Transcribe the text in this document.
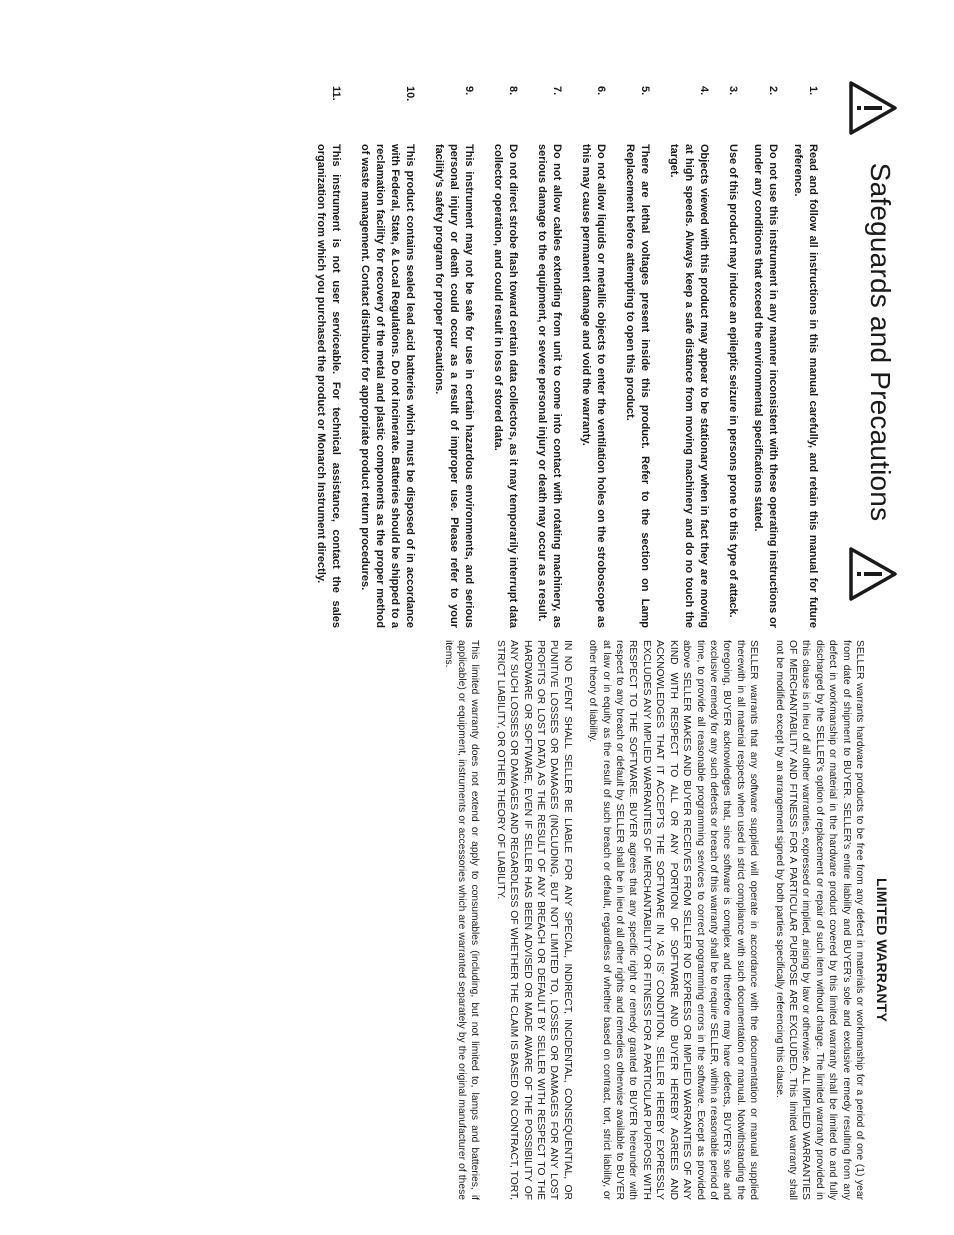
Safeguards and Precautions
1.
Read and follow all instructions in this manual carefully, and retain this manual for future reference.
2.
Do not use this instrument in any manner inconsistent with these operating instructions or under any conditions that exceed the environmental specifications stated.
3.
Use of this product may induce an epileptic seizure in persons prone to this type of attack.
4.
Objects viewed with this product may appear to be stationary when in fact they are moving at high speeds. Always keep a safe distance from moving machinery and do no touch the target.
5.
There are lethal voltages present inside this product. Refer to the section on Lamp Replacement before attempting to open this product.
6.
Do not allow liquids or metallic objects to enter the ventilation holes on the stroboscope as this may cause permanent damage and void the warranty.
7.
Do not allow cables extending from unit to come into contact with rotating machinery, as serious damage to the equipment, or severe personal injury or death may occur as a result.
8.
Do not direct strobe flash toward certain data collectors, as it may temporarily interrupt data collector operation, and could result in loss of stored data.
9.
This instrument may not be safe for use in certain hazardous environments, and serious personal injury or death could occur as a result of improper use. Please refer to your facility’s safety program for proper precautions.
10.
This product contains sealed lead acid batteries which must be disposed of in accordance with Federal, State, & Local Regulations. Do not incinerate. Batteries should be shipped to a reclamation facility for recovery of the metal and plastic components as the proper method of waste management. Contact distributor for appropriate product return procedures.
11.
This instrument is not user serviceable. For technical assistance, contact the sales organization from which you purchased the product or Monarch Instrument directly.
LIMITED WARRANTY

SELLER warrants hardware products to be free from any defect in materials or workmanship for a period of one (1) year from date of shipment to BUYER. SELLER’s entire liability and BUYER’s sole and exclusive remedy resulting from any defect in workmanship or material in the hardware product covered by this limited warranty shall be limited to and fully discharged by the SELLER’s option of replacement or repair of such item without charge. The limited warranty provided in this clause is in lieu of all other warranties, expressed or implied, arising by law or otherwise. ALL IMPLIED WARRANTIES OF MERCHANTABILITY AND FITNESS FOR A PARTICULAR PURPOSE ARE EXCLUDED. This limited warranty shall not be modified except by an arrangement signed by both parties specifically referencing this clause.

SELLER warrants that any software supplied will operate in accordance with the documentation or manual supplied therewith in all material respects when used in strict compliance with such documentation or manual. Notwithstanding the foregoing, BUYER acknowledges that, since software is complex and therefore may have defects, BUYER’s sole and exclusive remedy for any such defects or breach of this warranty shall be to require SELLER, within a reasonable period of time, to provide all reasonable programming services to correct programming errors in the software. Except as provided above SELLER MAKES AND BUYER RECEIVES FROM SELLER NO EXPRESS OR IMPLIED WARRANTIES OF ANY KIND WITH RESPECT TO ALL OR ANY PORTION OF SOFTWARE AND BUYER HEREBY AGREES AND ACKNOWLEDGES THAT IT ACCEPTS THE SOFTWARE IN ‘AS IS’ CONDITION. SELLER HEREBY EXPRESSLY EXCLUDES ANY IMPLIED WARRANTIES OF MERCHANTABILITY OR FITNESS FOR A PARTICULAR PURPOSE WITH RESPECT TO THE SOFTWARE. BUYER agrees that any specific right or remedy granted to BUYER hereunder with respect to any breach or default by SELLER shall be in lieu of all other rights and remedies otherwise available to BUYER at law or in equity as the result of such breach or default, regardless of whether based on contract, tort, strict liability, or other theory of liability.

IN NO EVENT SHALL SELLER BE LIABLE FOR ANY SPECIAL, INDIRECT, INCIDENTAL, CONSEQUENTIAL, OR PUNITIVE LOSSES OR DAMAGES (INCLUDING, BUT NOT LIMITED TO, LOSSES OR DAMAGES FOR ANY LOST PROFITS OR LOST DATA) AS THE RESULT OF ANY BREACH OR DEFAULT BY SELLER WITH RESPECT TO THE HARDWARE OR SOFTWARE, EVEN IF SELLER HAS BEEN ADVISED OR MADE AWARE OF THE POSSIBILITY OF ANY SUCH LOSSES OR DAMAGES AND REGARDLESS OF WHETHER THE CLAIM IS BASED ON CONTRACT, TORT, STRICT LIABILITY, OR OTHER THEORY OF LIABILITY.

This limited warranty does not extend or apply to consumables (including, but not limited to, lamps and batteries, if applicable) or equipment, instruments or accessories which are warranted separately by the original manufacturer of these items.
